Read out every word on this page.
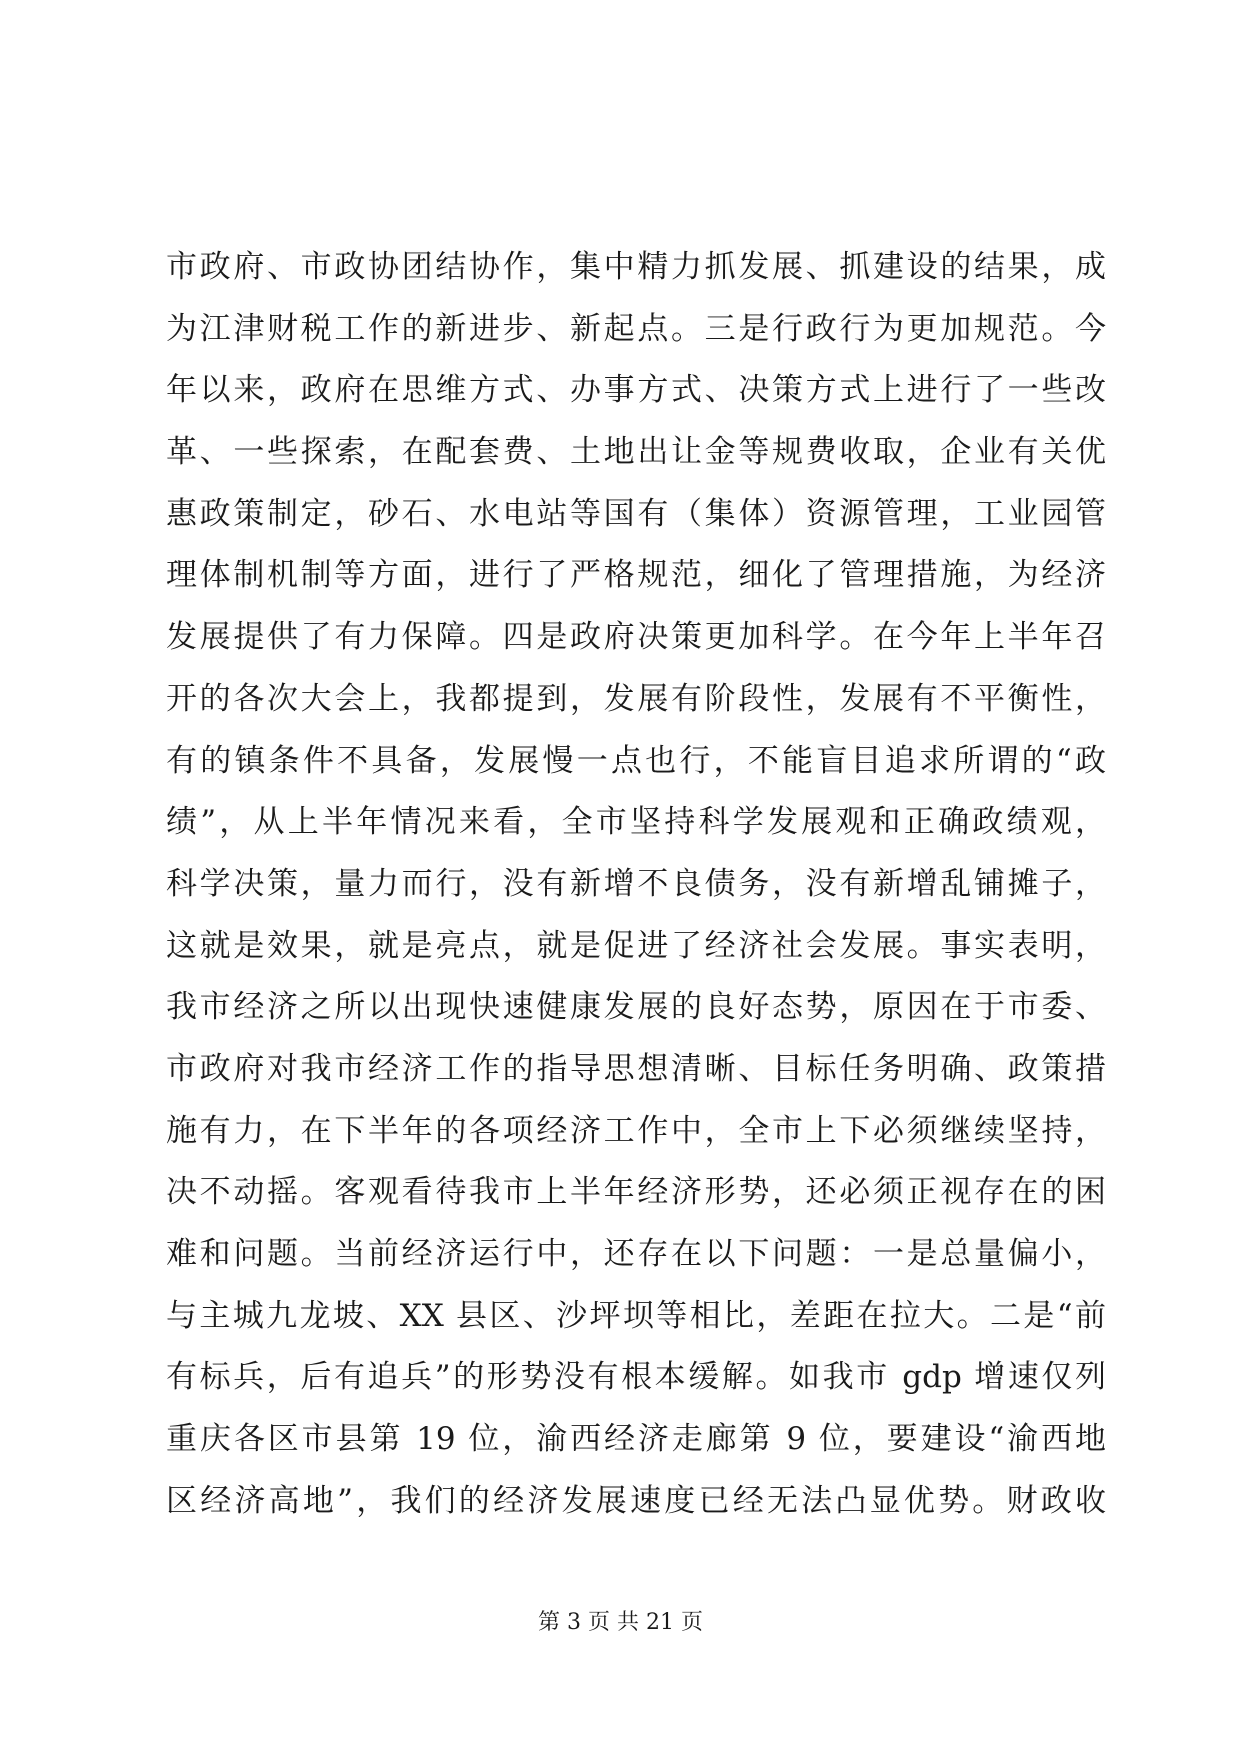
市政府、市政协团结协作，集中精力抓发展、抓建设的结果，成
为江津财税工作的新进步、新起点。三是行政行为更加规范。今
年以来，政府在思维方式、办事方式、决策方式上进行了一些改
革、一些探索，在配套费、土地出让金等规费收取，企业有关优
惠政策制定，砂石、水电站等国有（集体）资源管理，工业园管
理体制机制等方面，进行了严格规范，细化了管理措施，为经济
发展提供了有力保障。四是政府决策更加科学。在今年上半年召
开的各次大会上，我都提到，发展有阶段性，发展有不平衡性，
有的镇条件不具备，发展慢一点也行，不能盲目追求所谓的“政
绩”，从上半年情况来看，全市坚持科学发展观和正确政绩观，
科学决策，量力而行，没有新增不良债务，没有新增乱铺摊子，
这就是效果，就是亮点，就是促进了经济社会发展。事实表明，
我市经济之所以出现快速健康发展的良好态势，原因在于市委、
市政府对我市经济工作的指导思想清晰、目标任务明确、政策措
施有力，在下半年的各项经济工作中，全市上下必须继续坚持，
决不动摇。客观看待我市上半年经济形势，还必须正视存在的困
难和问题。当前经济运行中，还存在以下问题：一是总量偏小，
与主城九龙坡、XX 县区、沙坪坝等相比，差距在拉大。二是“前
有标兵，后有追兵”的形势没有根本缓解。如我市 gdp 增速仅列
重庆各区市县第 19 位，渝西经济走廊第 9 位，要建设“渝西地
区经济高地”，我们的经济发展速度已经无法凸显优势。财政收
第 3 页 共 21 页
